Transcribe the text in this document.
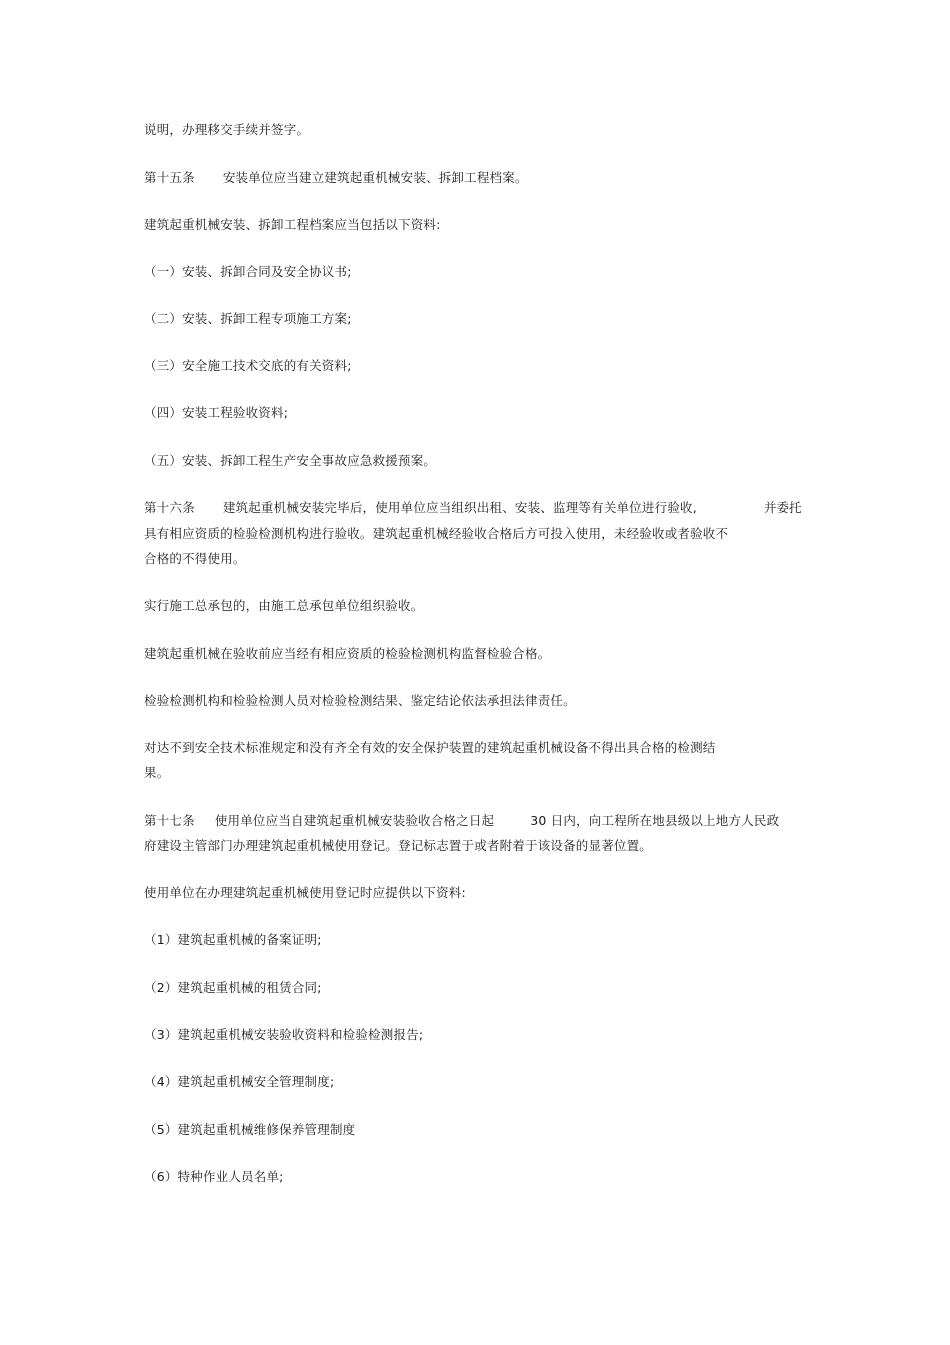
说明，办理移交手续并签字。
第十五条 安装单位应当建立建筑起重机械安装、拆卸工程档案。
建筑起重机械安装、拆卸工程档案应当包括以下资料:
（一）安装、拆卸合同及安全协议书;
（二）安装、拆卸工程专项施工方案;
（三）安全施工技术交底的有关资料;
（四）安装工程验收资料;
（五）安装、拆卸工程生产安全事故应急救援预案。
第十六条 建筑起重机械安装完毕后，使用单位应当组织出租、安装、监理等有关单位进行验收,	并委托
具有相应资质的检验检测机构进行验收。建筑起重机械经验收合格后方可投入使用，未经验收或者验收不
合格的不得使用。
实行施工总承包的，由施工总承包单位组织验收。
建筑起重机械在验收前应当经有相应资质的检验检测机构监督检验合格。
检验检测机构和检验检测人员对检验检测结果、鉴定结论依法承担法律责任。
对达不到安全技术标准规定和没有齐全有效的安全保护装置的建筑起重机械设备不得出具合格的检测结
果。
第十七条 使用单位应当自建筑起重机械安装验收合格之日起	30 日内，向工程所在地县级以上地方人民政
府建设主管部门办理建筑起重机械使用登记。登记标志置于或者附着于该设备的显著位置。
使用单位在办理建筑起重机械使用登记时应提供以下资料:
（1）建筑起重机械的备案证明;
（2）建筑起重机械的租赁合同;
（3）建筑起重机械安装验收资料和检验检测报告;
（4）建筑起重机械安全管理制度;
（5）建筑起重机械维修保养管理制度
（6）特种作业人员名单;
